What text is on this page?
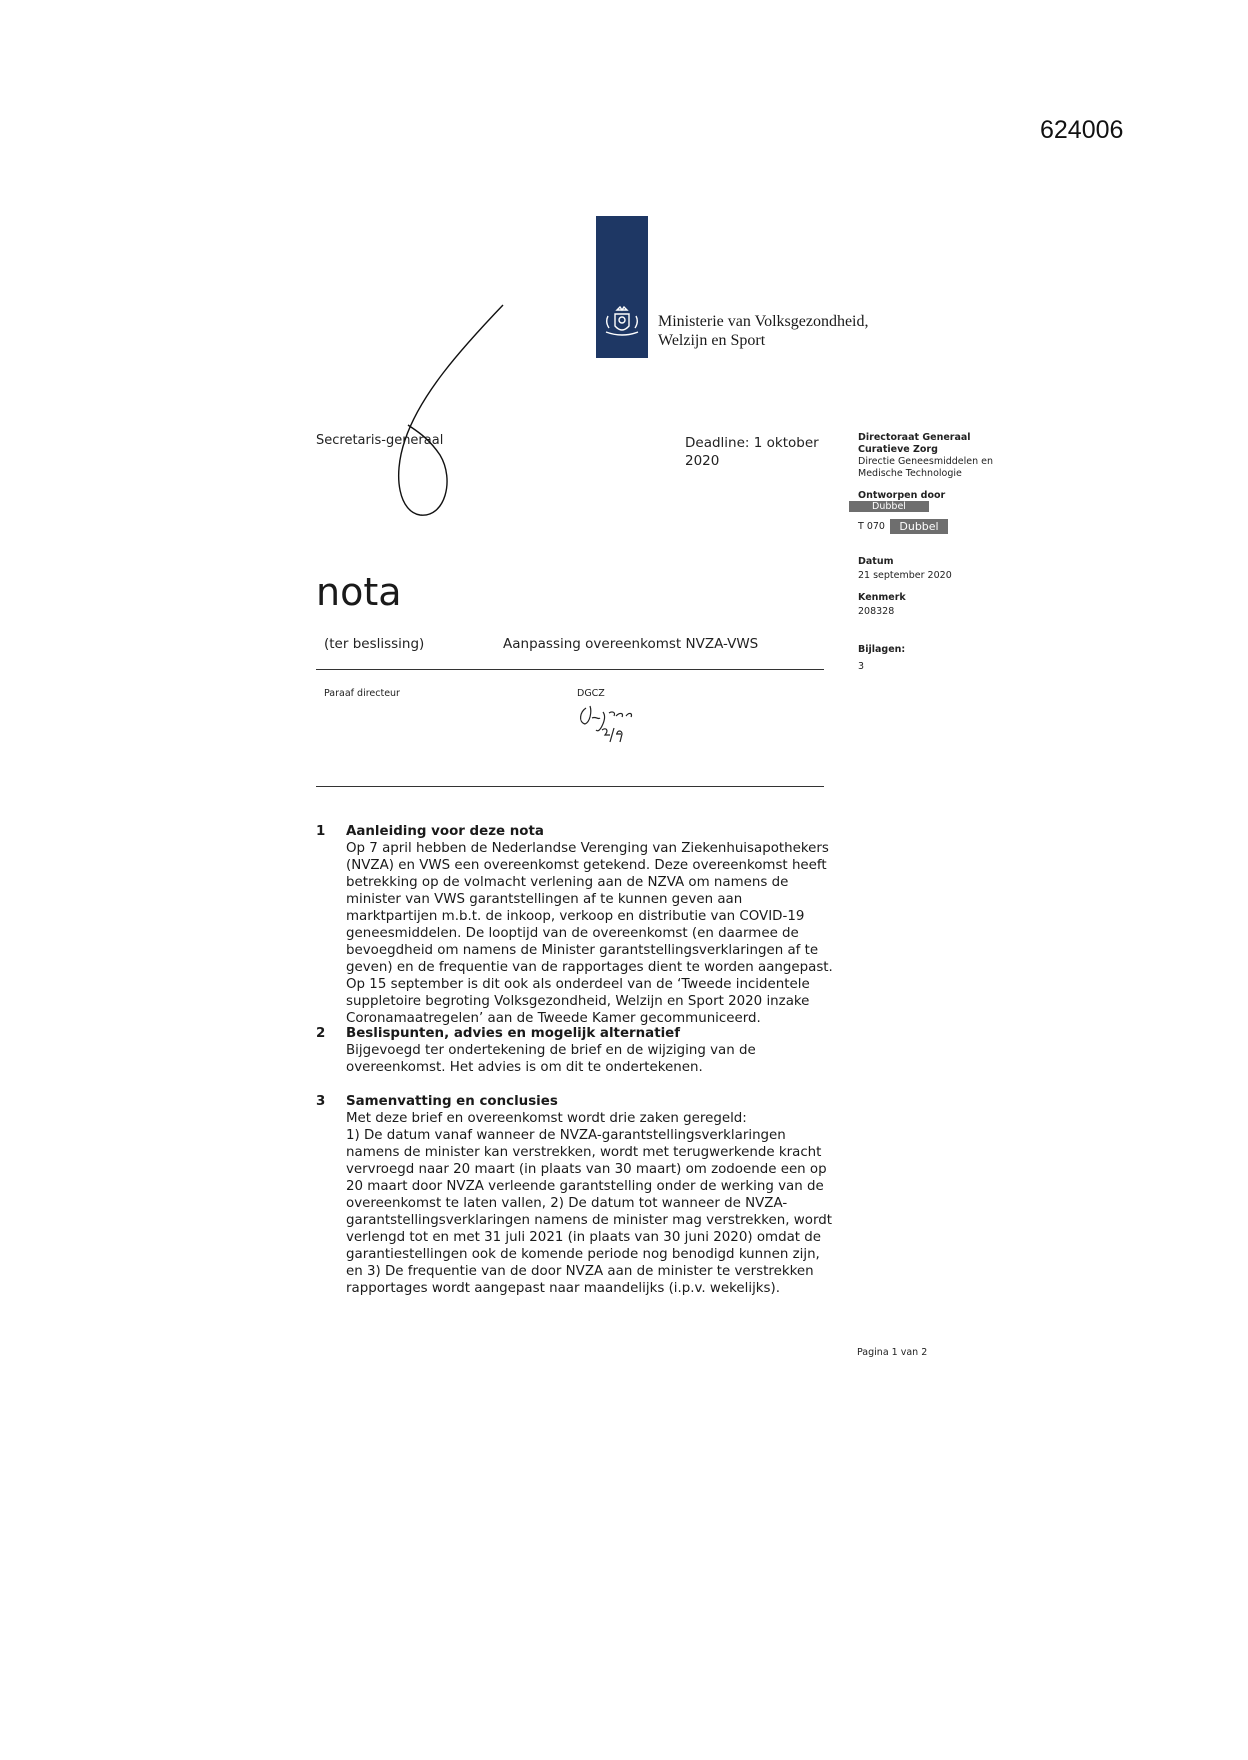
624006
Ministerie van Volksgezondheid,
Welzijn en Sport
Secretaris-generaal	Deadline: 1 oktober 2020
Directoraat Generaal
Curatieve Zorg
Directie Geneesmiddelen en
Medische Technologie
Ontworpen door
Dubbel
T 070	Dubbel
Datum
21 september 2020
Kenmerk
208328
Bijlagen:
3
nota
(ter beslissing)	Aanpassing overeenkomst NVZA-VWS
Paraaf directeur	DGCZ
1 Aanleiding voor deze nota

Op 7 april hebben de Nederlandse Verenging van Ziekenhuisapothekers (NVZA) en VWS een overeenkomst getekend. Deze overeenkomst heeft betrekking op de volmacht verlening aan de NZVA om namens de minister van VWS garantstellingen af te kunnen geven aan marktpartijen m.b.t. de inkoop, verkoop en distributie van COVID-19 geneesmiddelen. De looptijd van de overeenkomst (en daarmee de bevoegdheid om namens de Minister garantstellingsverklaringen af te geven) en de frequentie van de rapportages dient te worden aangepast. Op 15 september is dit ook als onderdeel van de ‘Tweede incidentele suppletoire begroting Volksgezondheid, Welzijn en Sport 2020 inzake Coronamaatregelen’ aan de Tweede Kamer gecommuniceerd.

2 Beslispunten, advies en mogelijk alternatief

Bijgevoegd ter ondertekening de brief en de wijziging van de overeenkomst. Het advies is om dit te ondertekenen.

3 Samenvatting en conclusies

Met deze brief en overeenkomst wordt drie zaken geregeld:

1) De datum vanaf wanneer de NVZA-garantstellingsverklaringen namens de minister kan verstrekken, wordt met terugwerkende kracht vervroegd naar 20 maart (in plaats van 30 maart) om zodoende een op 20 maart door NVZA verleende garantstelling onder de werking van de overeenkomst te laten vallen, 2) De datum tot wanneer de NVZA-garantstellingsverklaringen namens de minister mag verstrekken, wordt verlengd tot en met 31 juli 2021 (in plaats van 30 juni 2020) omdat de garantiestellingen ook de komende periode nog benodigd kunnen zijn, en 3) De frequentie van de door NVZA aan de minister te verstrekken rapportages wordt aangepast naar maandelijks (i.p.v. wekelijks).

Pagina 1 van 2
